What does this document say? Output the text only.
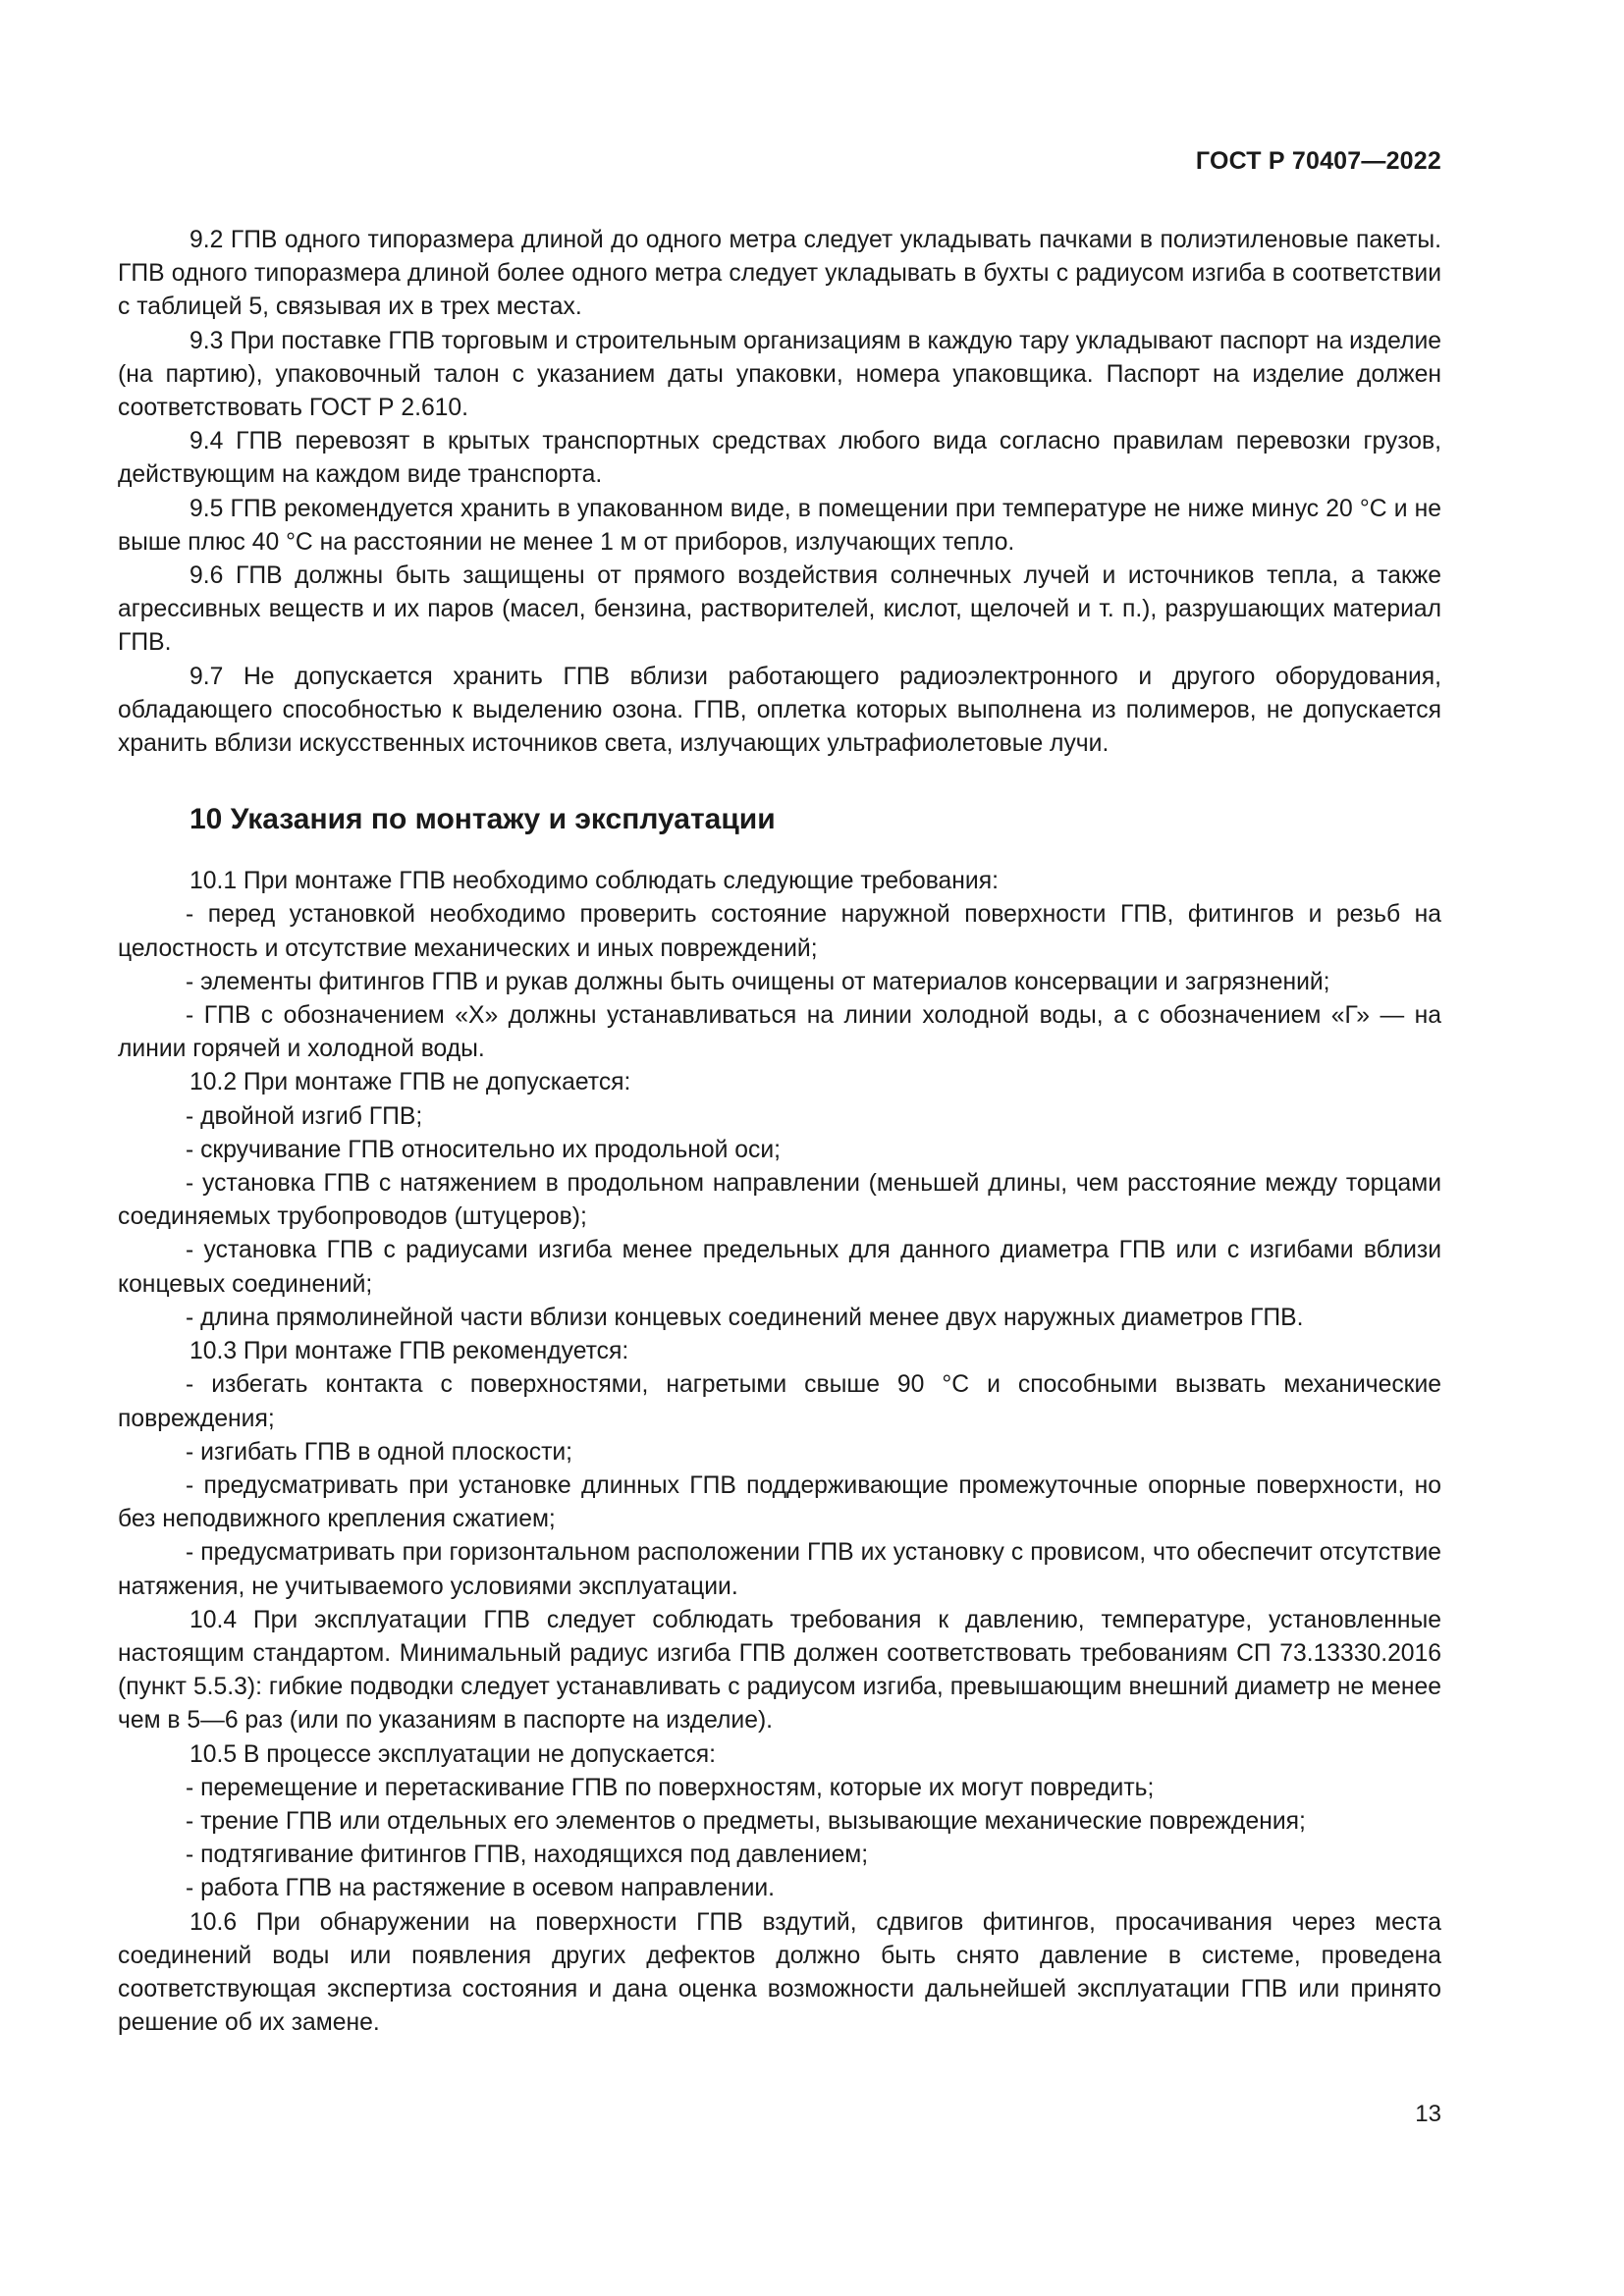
ГОСТ Р 70407—2022

9.2 ГПВ одного типоразмера длиной до одного метра следует укладывать пачками в полиэтиленовые пакеты. ГПВ одного типоразмера длиной более одного метра следует укладывать в бухты с радиусом изгиба в соответствии с таблицей 5, связывая их в трех местах.

9.3 При поставке ГПВ торговым и строительным организациям в каждую тару укладывают паспорт на изделие (на партию), упаковочный талон с указанием даты упаковки, номера упаковщика. Паспорт на изделие должен соответствовать ГОСТ Р 2.610.

9.4 ГПВ перевозят в крытых транспортных средствах любого вида согласно правилам перевозки грузов, действующим на каждом виде транспорта.

9.5 ГПВ рекомендуется хранить в упакованном виде, в помещении при температуре не ниже минус 20 °С и не выше плюс 40 °С на расстоянии не менее 1 м от приборов, излучающих тепло.

9.6 ГПВ должны быть защищены от прямого воздействия солнечных лучей и источников тепла, а также агрессивных веществ и их паров (масел, бензина, растворителей, кислот, щелочей и т. п.), разрушающих материал ГПВ.

9.7 Не допускается хранить ГПВ вблизи работающего радиоэлектронного и другого оборудования, обладающего способностью к выделению озона. ГПВ, оплетка которых выполнена из полимеров, не допускается хранить вблизи искусственных источников света, излучающих ультрафиолетовые лучи.

10 Указания по монтажу и эксплуатации

10.1 При монтаже ГПВ необходимо соблюдать следующие требования:

- перед установкой необходимо проверить состояние наружной поверхности ГПВ, фитингов и резьб на целостность и отсутствие механических и иных повреждений;

- элементы фитингов ГПВ и рукав должны быть очищены от материалов консервации и загрязнений;

- ГПВ с обозначением «Х» должны устанавливаться на линии холодной воды, а с обозначением «Г» — на линии горячей и холодной воды.

10.2 При монтаже ГПВ не допускается:

- двойной изгиб ГПВ;

- скручивание ГПВ относительно их продольной оси;

- установка ГПВ с натяжением в продольном направлении (меньшей длины, чем расстояние между торцами соединяемых трубопроводов (штуцеров);

- установка ГПВ с радиусами изгиба менее предельных для данного диаметра ГПВ или с изгибами вблизи концевых соединений;

- длина прямолинейной части вблизи концевых соединений менее двух наружных диаметров ГПВ.

10.3 При монтаже ГПВ рекомендуется:

- избегать контакта с поверхностями, нагретыми свыше 90 °С и способными вызвать механические повреждения;

- изгибать ГПВ в одной плоскости;

- предусматривать при установке длинных ГПВ поддерживающие промежуточные опорные поверхности, но без неподвижного крепления сжатием;

- предусматривать при горизонтальном расположении ГПВ их установку с провисом, что обеспечит отсутствие натяжения, не учитываемого условиями эксплуатации.

10.4 При эксплуатации ГПВ следует соблюдать требования к давлению, температуре, установленные настоящим стандартом. Минимальный радиус изгиба ГПВ должен соответствовать требованиям СП 73.13330.2016 (пункт 5.5.3): гибкие подводки следует устанавливать с радиусом изгиба, превышающим внешний диаметр не менее чем в 5—6 раз (или по указаниям в паспорте на изделие).

10.5 В процессе эксплуатации не допускается:

- перемещение и перетаскивание ГПВ по поверхностям, которые их могут повредить;

- трение ГПВ или отдельных его элементов о предметы, вызывающие механические повреждения;

- подтягивание фитингов ГПВ, находящихся под давлением;

- работа ГПВ на растяжение в осевом направлении.

10.6 При обнаружении на поверхности ГПВ вздутий, сдвигов фитингов, просачивания через места соединений воды или появления других дефектов должно быть снято давление в системе, проведена соответствующая экспертиза состояния и дана оценка возможности дальнейшей эксплуатации ГПВ или принято решение об их замене.

13
